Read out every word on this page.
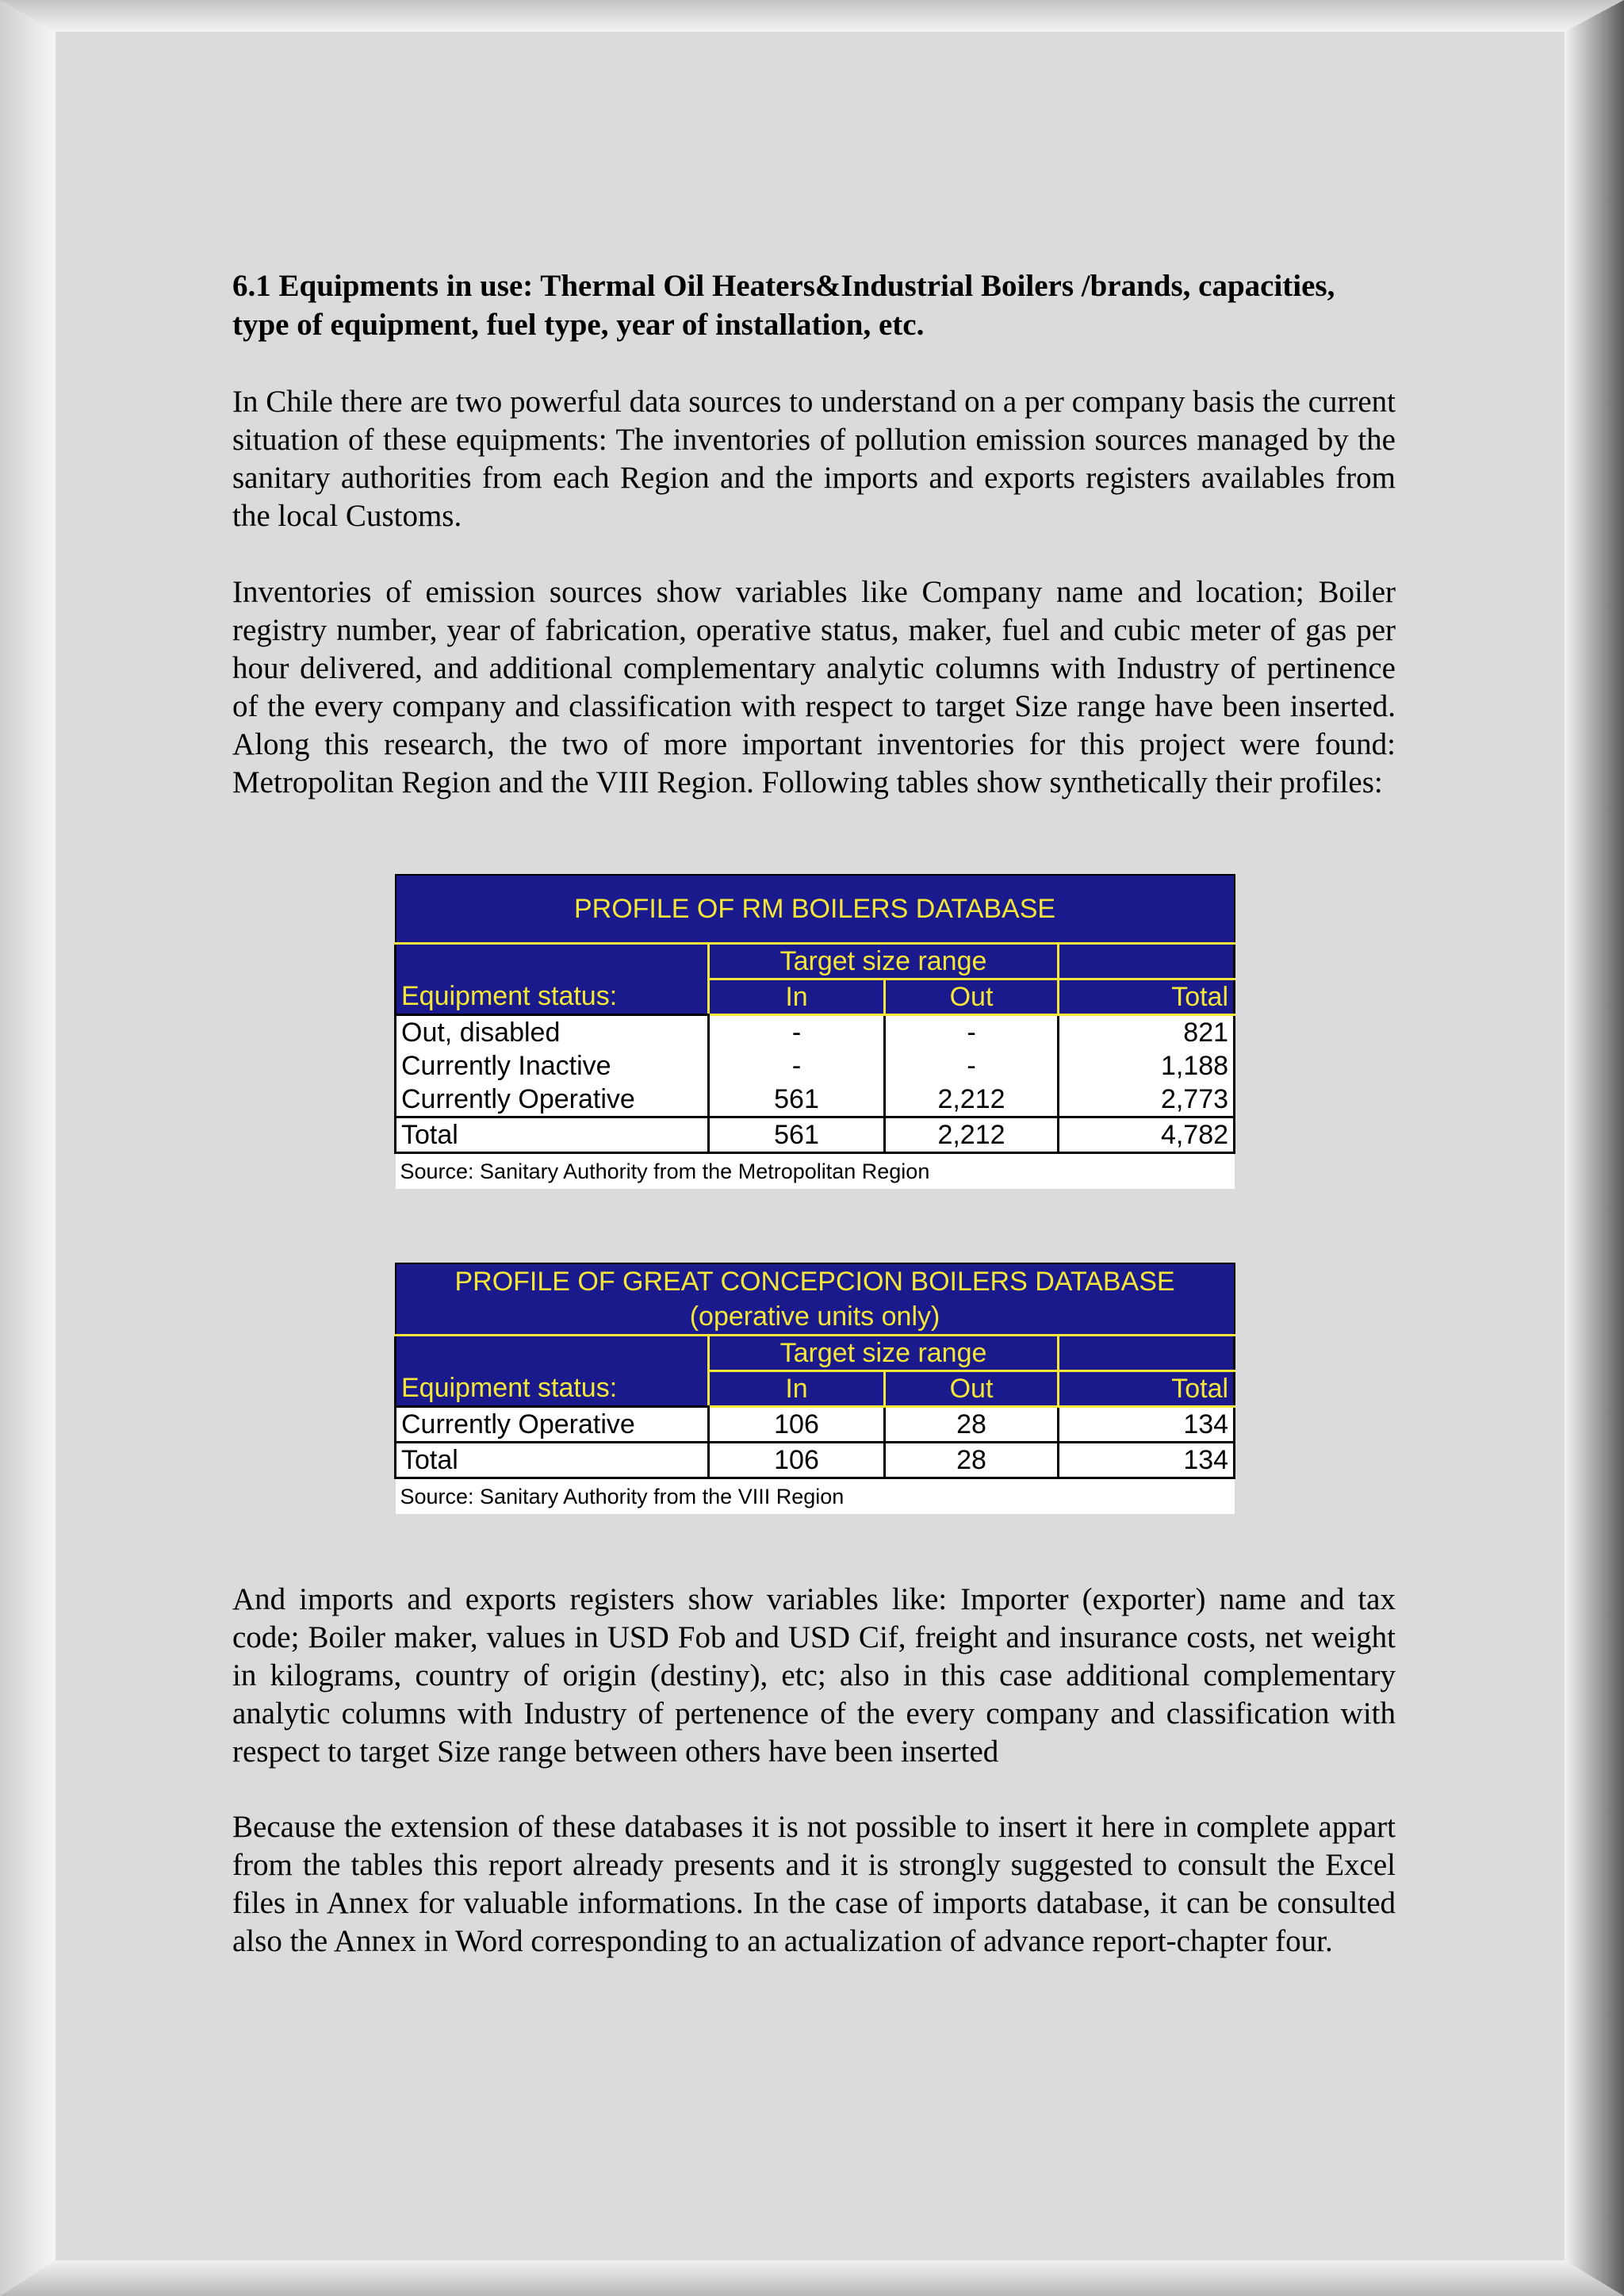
6.1 Equipments in use: Thermal Oil Heaters&Industrial Boilers /brands, capacities, type of equipment, fuel type, year of installation, etc.

In Chile there are two powerful data sources to understand on a per company basis the current situation of these equipments: The inventories of pollution emission sources managed by the sanitary authorities from each Region and the imports and exports registers availables from the local Customs.

Inventories of emission sources show variables like Company name and location; Boiler registry number, year of fabrication, operative status, maker, fuel and cubic meter of gas per hour delivered, and additional complementary analytic columns with Industry of pertinence of the every company and classification with respect to target Size range have been inserted. Along this research, the two of more important inventories for this project were found: Metropolitan Region and the VIII Region. Following tables show synthetically their profiles:

PROFILE OF RM BOILERS DATABASE			
	Target size range		
Equipment status:	In	Out	Total
Out, disabled	-	-	821
Currently Inactive	-	-	1,188
Currently Operative	561	2,212	2,773
Total	561	2,212	4,782
Source: Sanitary Authority from the Metropolitan Region			
PROFILE OF GREAT CONCEPCION BOILERS DATABASE
(operative units only)			

	Target size range		
Equipment status:	In	Out	Total
Currently Operative	106	28	134
Total	106	28	134
Source: Sanitary Authority from the VIII Region			

And imports and exports registers show variables like: Importer (exporter) name and tax code; Boiler maker, values in USD Fob and USD Cif, freight and insurance costs, net weight in kilograms, country of origin (destiny), etc; also in this case additional complementary analytic columns with Industry of pertenence of the every company and classification with respect to target Size range between others have been inserted

Because the extension of these databases it is not possible to insert it here in complete appart from the tables this report already presents and it is strongly suggested to consult the Excel files in Annex for valuable informations. In the case of imports database, it can be consulted also the Annex in Word corresponding to an actualization of advance report-chapter four.
